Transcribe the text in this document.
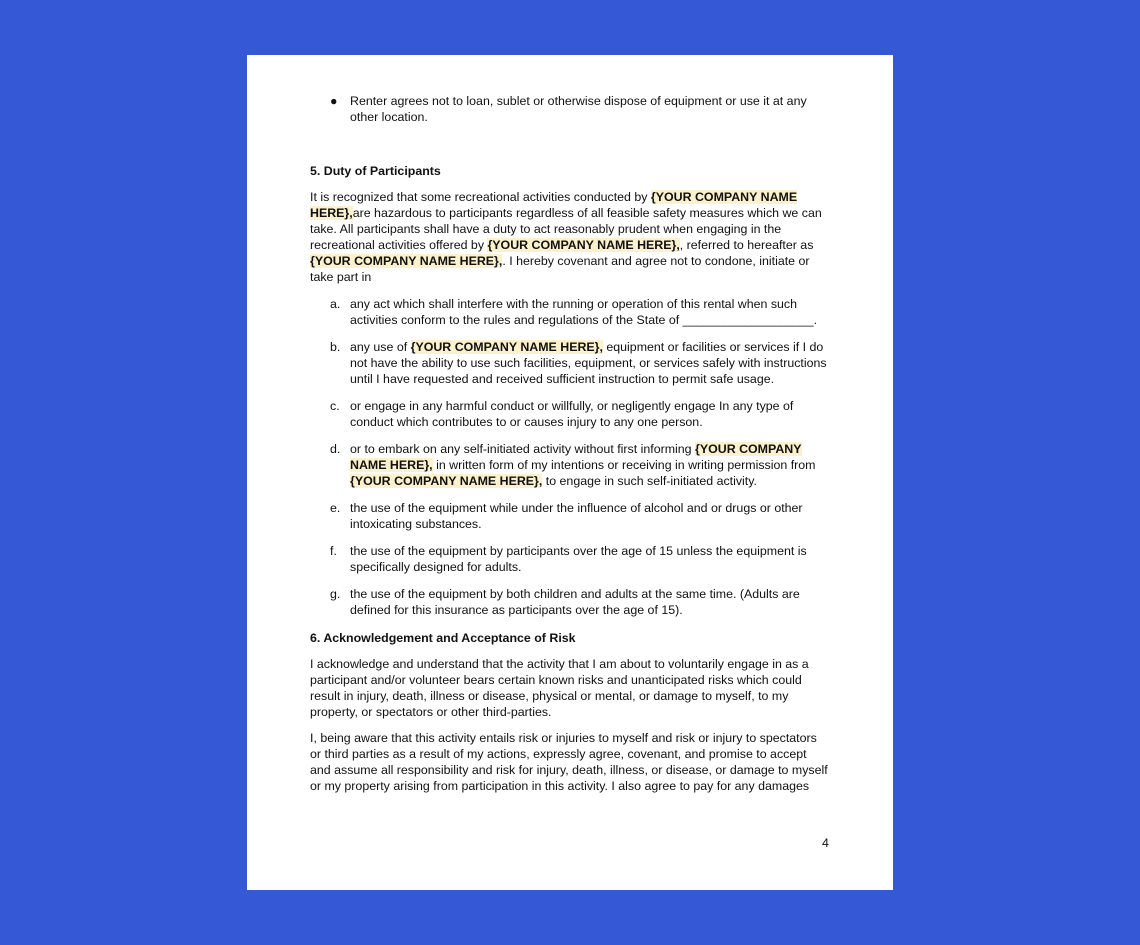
● Renter agrees not to loan, sublet or otherwise dispose of equipment or use it at any other location.
5. Duty of Participants

It is recognized that some recreational activities conducted by {YOUR COMPANY NAME HERE},are hazardous to participants regardless of all feasible safety measures which we can take. All participants shall have a duty to act reasonably prudent when engaging in the recreational activities offered by {YOUR COMPANY NAME HERE},, referred to hereafter as {YOUR COMPANY NAME HERE},. I hereby covenant and agree not to condone, initiate or take part in

a. any act which shall interfere with the running or operation of this rental when such activities conform to the rules and regulations of the State of ___________________.
b. any use of {YOUR COMPANY NAME HERE}, equipment or facilities or services if I do not have the ability to use such facilities, equipment, or services safely with instructions until I have requested and received sufficient instruction to permit safe usage.
c. or engage in any harmful conduct or willfully, or negligently engage In any type of conduct which contributes to or causes injury to any one person.
d. or to embark on any self-initiated activity without first informing {YOUR COMPANY NAME HERE}, in written form of my intentions or receiving in writing permission from {YOUR COMPANY NAME HERE}, to engage in such self-initiated activity.
e. the use of the equipment while under the influence of alcohol and or drugs or other intoxicating substances.
f. the use of the equipment by participants over the age of 15 unless the equipment is specifically designed for adults.
g. the use of the equipment by both children and adults at the same time. (Adults are defined for this insurance as participants over the age of 15).
6. Acknowledgement and Acceptance of Risk

I acknowledge and understand that the activity that I am about to voluntarily engage in as a participant and/or volunteer bears certain known risks and unanticipated risks which could result in injury, death, illness or disease, physical or mental, or damage to myself, to my property, or spectators or other third-parties.

I, being aware that this activity entails risk or injuries to myself and risk or injury to spectators or third parties as a result of my actions, expressly agree, covenant, and promise to accept and assume all responsibility and risk for injury, death, illness, or disease, or damage to myself or my property arising from participation in this activity. I also agree to pay for any damages

4
